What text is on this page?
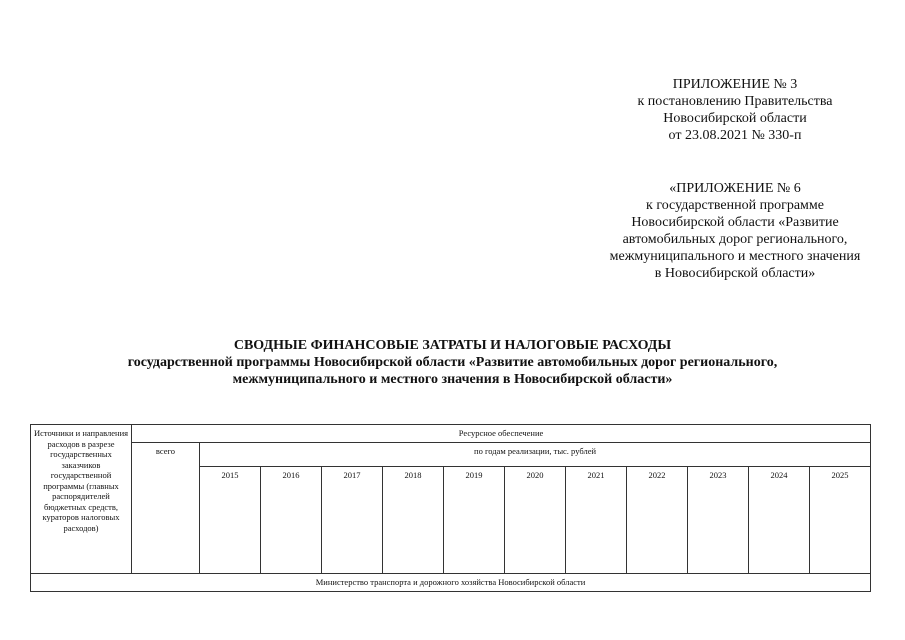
ПРИЛОЖЕНИЕ № 3
к постановлению Правительства
Новосибирской области
от 23.08.2021 № 330-п
«ПРИЛОЖЕНИЕ № 6
к государственной программе
Новосибирской области «Развитие
автомобильных дорог регионального,
межмуниципального и местного значения
в Новосибирской области»
СВОДНЫЕ ФИНАНСОВЫЕ ЗАТРАТЫ И НАЛОГОВЫЕ РАСХОДЫ
государственной программы Новосибирской области «Развитие автомобильных дорог регионального,
межмуниципального и местного значения в Новосибирской области»
Источники и направления расходов в разрезе государственных заказчиков государственной программы (главных распорядителей бюджетных средств, кураторов налоговых расходов)	Ресурсное обеспечение											
	всего	по годам реализации, тыс. рублей										
		2015	2016	2017	2018	2019	2020	2021	2022	2023	2024	2025
Министерство транспорта и дорожного хозяйства Новосибирской области												
